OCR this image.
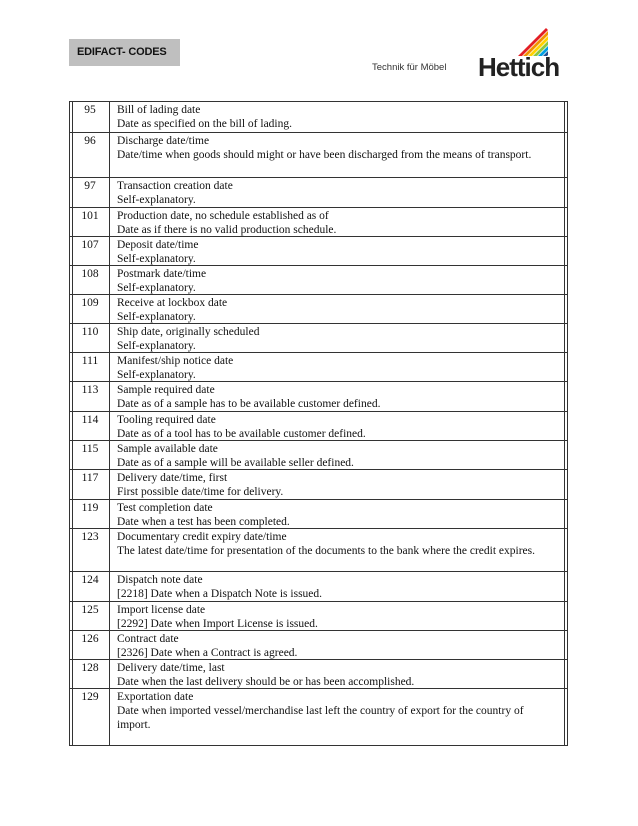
EDIFACT- CODES
Technik für Möbel Hettich
95	Bill of lading date
Date as specified on the bill of lading.
96	Discharge date/time
Date/time when goods should might or have been discharged from the means of transport.
97	Transaction creation date
Self-explanatory.
101	Production date, no schedule established as of
Date as if there is no valid production schedule.
107	Deposit date/time
Self-explanatory.
108	Postmark date/time
Self-explanatory.
109	Receive at lockbox date
Self-explanatory.
110	Ship date, originally scheduled
Self-explanatory.
111	Manifest/ship notice date
Self-explanatory.
113	Sample required date
Date as of a sample has to be available customer defined.
114	Tooling required date
Date as of a tool has to be available customer defined.
115	Sample available date
Date as of a sample will be available seller defined.
117	Delivery date/time, first
First possible date/time for delivery.
119	Test completion date
Date when a test has been completed.
123	Documentary credit expiry date/time
The latest date/time for presentation of the documents to the bank where the credit expires.
124	Dispatch note date
[2218] Date when a Dispatch Note is issued.
125	Import license date
[2292] Date when Import License is issued.
126	Contract date
[2326] Date when a Contract is agreed.
128	Delivery date/time, last
Date when the last delivery should be or has been accomplished.
129	Exportation date
Date when imported vessel/merchandise last left the country of export for the country of import.
